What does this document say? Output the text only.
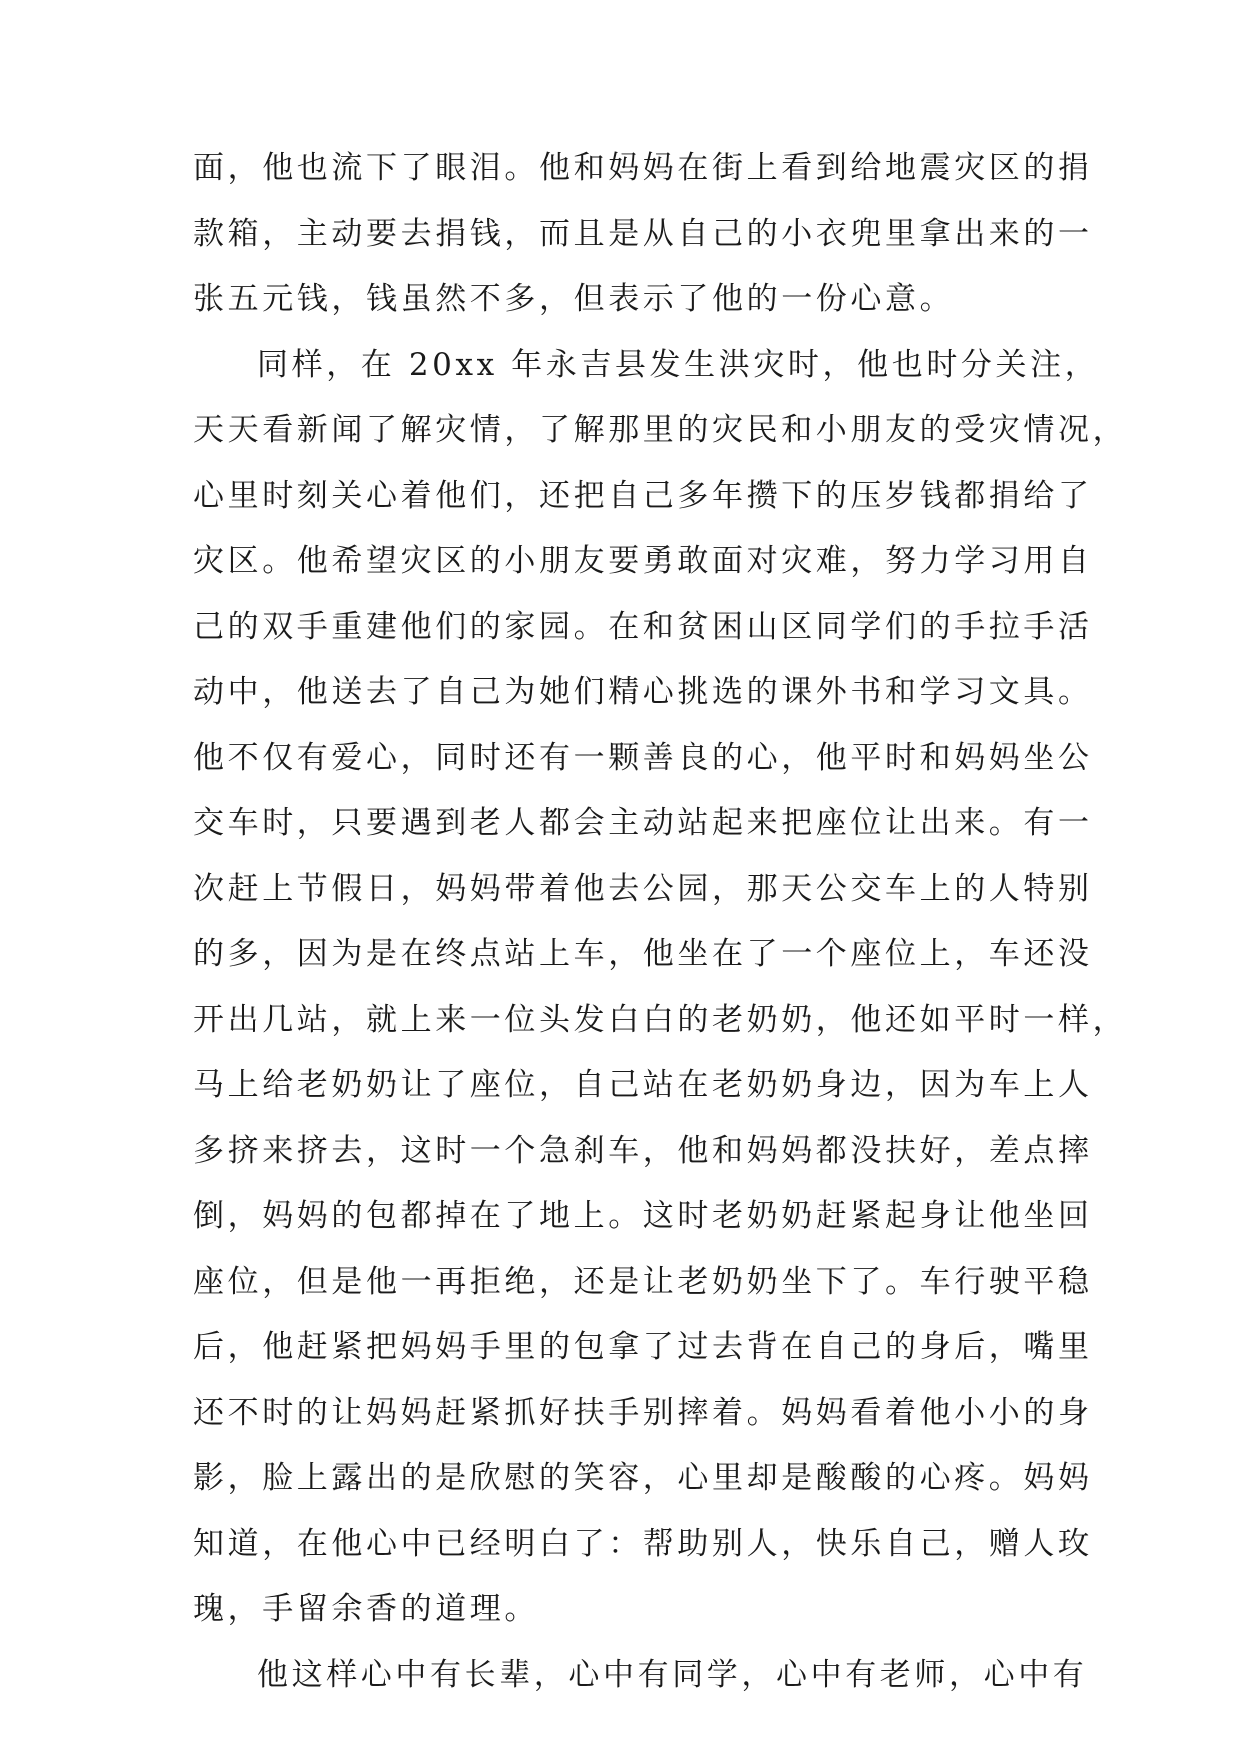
面，他也流下了眼泪。他和妈妈在街上看到给地震灾区的捐
款箱，主动要去捐钱，而且是从自己的小衣兜里拿出来的一
张五元钱，钱虽然不多，但表示了他的一份心意。
同样，在 20xx 年永吉县发生洪灾时，他也时分关注，
天天看新闻了解灾情，了解那里的灾民和小朋友的受灾情况，
心里时刻关心着他们，还把自己多年攒下的压岁钱都捐给了
灾区。他希望灾区的小朋友要勇敢面对灾难，努力学习用自
己的双手重建他们的家园。在和贫困山区同学们的手拉手活
动中，他送去了自己为她们精心挑选的课外书和学习文具。
他不仅有爱心，同时还有一颗善良的心，他平时和妈妈坐公
交车时，只要遇到老人都会主动站起来把座位让出来。有一
次赶上节假日，妈妈带着他去公园，那天公交车上的人特别
的多，因为是在终点站上车，他坐在了一个座位上，车还没
开出几站，就上来一位头发白白的老奶奶，他还如平时一样，
马上给老奶奶让了座位，自己站在老奶奶身边，因为车上人
多挤来挤去，这时一个急刹车，他和妈妈都没扶好，差点摔
倒，妈妈的包都掉在了地上。这时老奶奶赶紧起身让他坐回
座位，但是他一再拒绝，还是让老奶奶坐下了。车行驶平稳
后，他赶紧把妈妈手里的包拿了过去背在自己的身后，嘴里
还不时的让妈妈赶紧抓好扶手别摔着。妈妈看着他小小的身
影，脸上露出的是欣慰的笑容，心里却是酸酸的心疼。妈妈
知道，在他心中已经明白了：帮助别人，快乐自己，赠人玫
瑰，手留余香的道理。
他这样心中有长辈，心中有同学，心中有老师，心中有
